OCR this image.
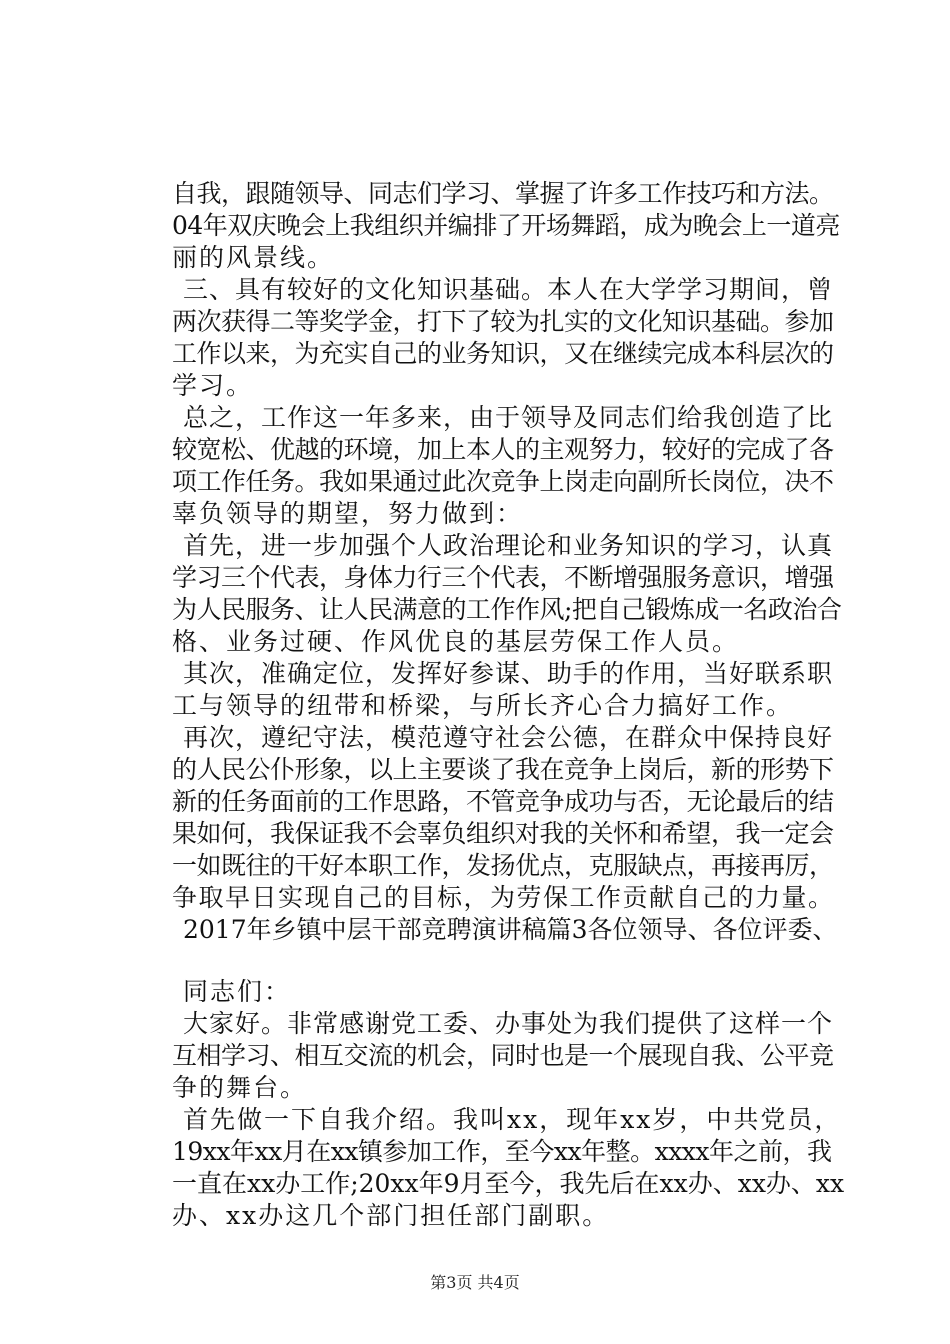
自我，跟随领导、同志们学习、掌握了许多工作技巧和方法。
04年双庆晚会上我组织并编排了开场舞蹈，成为晚会上一道亮
丽的风景线。
三、具有较好的文化知识基础。本人在大学学习期间，曾
两次获得二等奖学金，打下了较为扎实的文化知识基础。参加
工作以来，为充实自己的业务知识，又在继续完成本科层次的
学习。
总之，工作这一年多来，由于领导及同志们给我创造了比
较宽松、优越的环境，加上本人的主观努力，较好的完成了各
项工作任务。我如果通过此次竞争上岗走向副所长岗位，决不
辜负领导的期望，努力做到：
首先，进一步加强个人政治理论和业务知识的学习，认真
学习三个代表，身体力行三个代表，不断增强服务意识，增强
为人民服务、让人民满意的工作作风;把自己锻炼成一名政治合
格、业务过硬、作风优良的基层劳保工作人员。
其次，准确定位，发挥好参谋、助手的作用，当好联系职
工与领导的纽带和桥梁，与所长齐心合力搞好工作。
再次，遵纪守法，模范遵守社会公德，在群众中保持良好
的人民公仆形象，以上主要谈了我在竞争上岗后，新的形势下
新的任务面前的工作思路，不管竞争成功与否，无论最后的结
果如何，我保证我不会辜负组织对我的关怀和希望，我一定会
一如既往的干好本职工作，发扬优点，克服缺点，再接再厉，
争取早日实现自己的目标，为劳保工作贡献自己的力量。
2017年乡镇中层干部竞聘演讲稿篇3各位领导、各位评委、
同志们：
大家好。非常感谢党工委、办事处为我们提供了这样一个
互相学习、相互交流的机会，同时也是一个展现自我、公平竞
争的舞台。
首先做一下自我介绍。我叫xx，现年xx岁，中共党员，
19xx年xx月在xx镇参加工作，至今xx年整。xxxx年之前，我
一直在xx办工作;20xx年9月至今，我先后在xx办、xx办、xx
办、xx办这几个部门担任部门副职。
第3页 共4页
